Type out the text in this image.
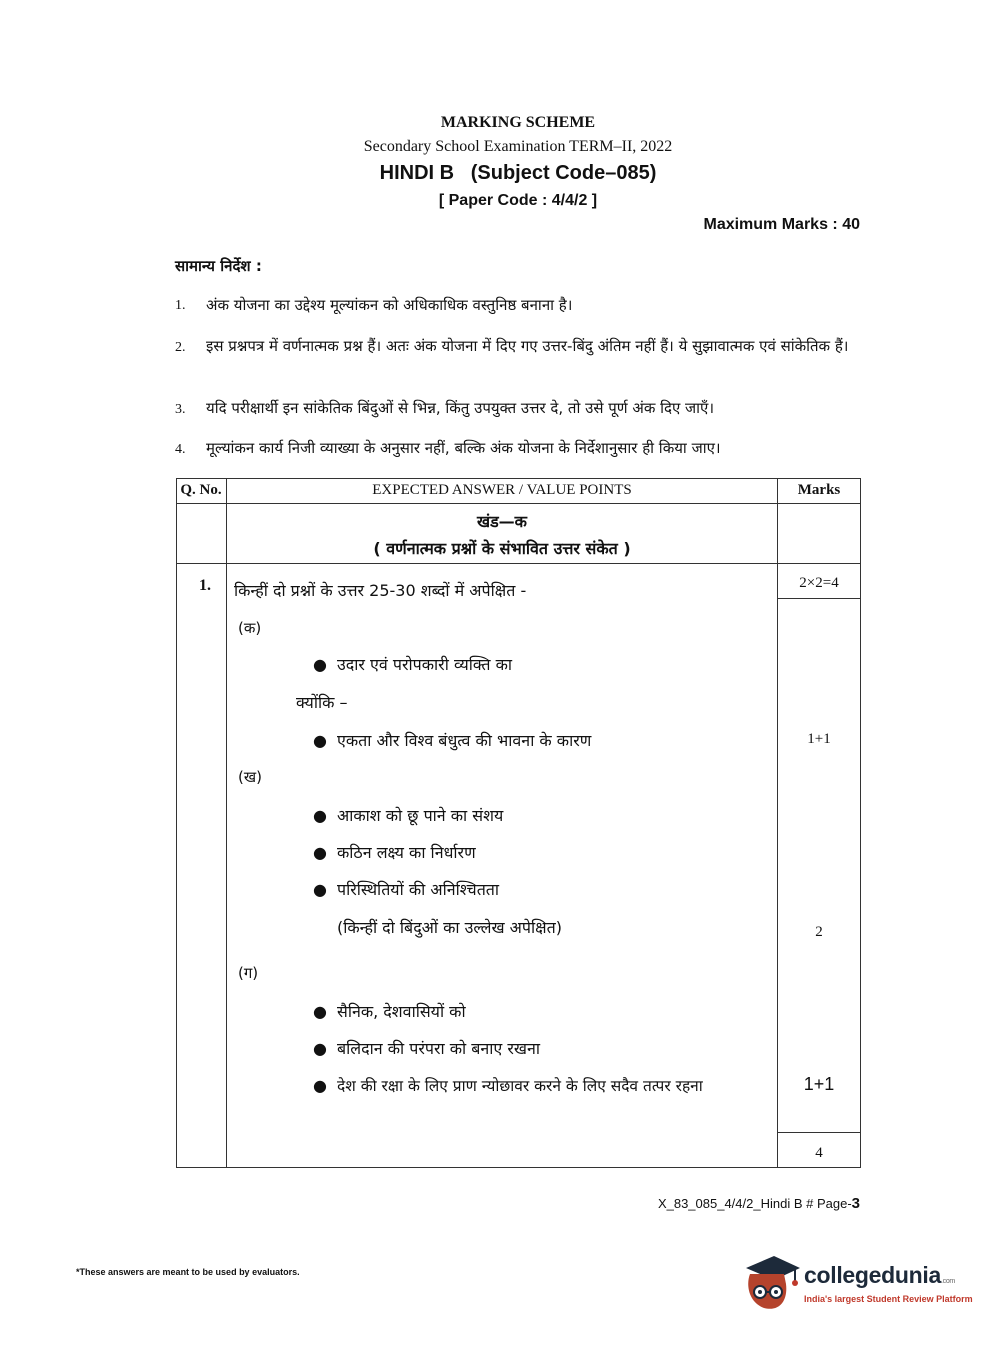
MARKING SCHEME
Secondary School Examination TERM–II, 2022
HINDI B (Subject Code–085)
[ Paper Code : 4/4/2 ]
Maximum Marks : 40
सामान्य निर्देश :
1. अंक योजना का उद्देश्य मूल्यांकन को अधिकाधिक वस्तुनिष्ठ बनाना है।
2. इस प्रश्नपत्र में वर्णनात्मक प्रश्न हैं। अतः अंक योजना में दिए गए उत्तर-बिंदु अंतिम नहीं हैं। ये सुझावात्मक एवं सांकेतिक हैं।
3. यदि परीक्षार्थी इन सांकेतिक बिंदुओं से भिन्न, किंतु उपयुक्त उत्तर दे, तो उसे पूर्ण अंक दिए जाएँ।
4. मूल्यांकन कार्य निजी व्याख्या के अनुसार नहीं, बल्कि अंक योजना के निर्देशानुसार ही किया जाए।
Q. No.	EXPECTED ANSWER / VALUE POINTS	Marks
खंड—क
( वर्णनात्मक प्रश्नों के संभावित उत्तर संकेत )
1.	किन्हीं दो प्रश्नों के उत्तर 25-30 शब्दों में अपेक्षित -	2×2=4
(क)
● उदार एवं परोपकारी व्यक्ति का
क्योंकि –
● एकता और विश्व बंधुत्व की भावना के कारण	1+1
(ख)
● आकाश को छू पाने का संशय
● कठिन लक्ष्य का निर्धारण
● परिस्थितियों की अनिश्चितता
(किन्हीं दो बिंदुओं का उल्लेख अपेक्षित)	2
(ग)
● सैनिक, देशवासियों को
● बलिदान की परंपरा को बनाए रखना
● देश की रक्षा के लिए प्राण न्योछावर करने के लिए सदैव तत्पर रहना	1+1
4
X_83_085_4/4/2_Hindi B # Page-3
*These answers are meant to be used by evaluators.	collegedunia.com
India's largest Student Review Platform
